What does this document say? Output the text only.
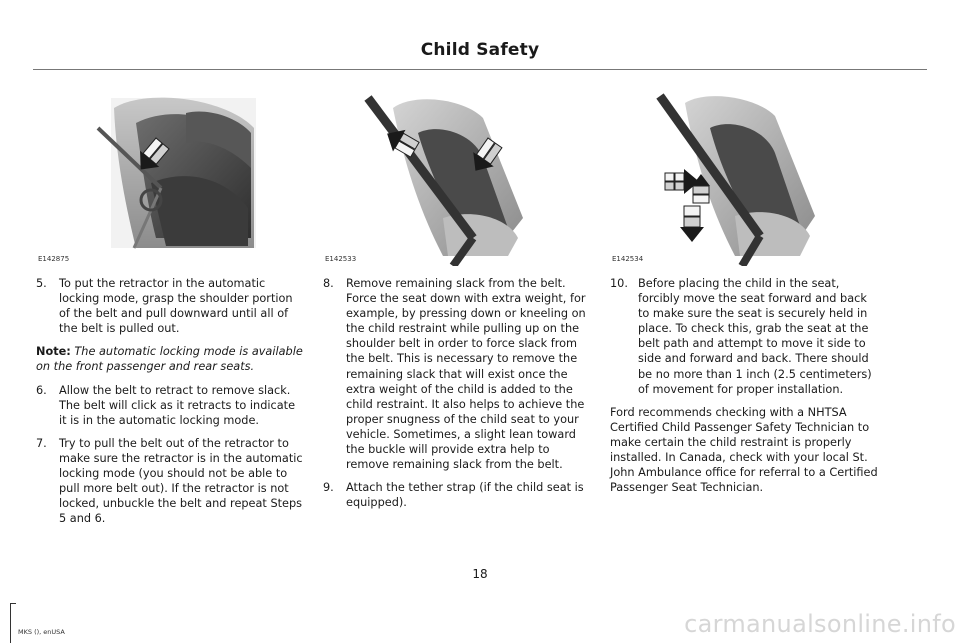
Child Safety
E142875
5. To put the retractor in the automatic locking mode, grasp the shoulder portion of the belt and pull downward until all of the belt is pulled out.

Note: The automatic locking mode is available on the front passenger and rear seats.

6. Allow the belt to retract to remove slack. The belt will click as it retracts to indicate it is in the automatic locking mode.
7. Try to pull the belt out of the retractor to make sure the retractor is in the automatic locking mode (you should not be able to pull more belt out). If the retractor is not locked, unbuckle the belt and repeat Steps 5 and 6.
E142533
8. Remove remaining slack from the belt. Force the seat down with extra weight, for example, by pressing down or kneeling on the child restraint while pulling up on the shoulder belt in order to force slack from the belt. This is necessary to remove the remaining slack that will exist once the extra weight of the child is added to the child restraint. It also helps to achieve the proper snugness of the child seat to your vehicle. Sometimes, a slight lean toward the buckle will provide extra help to remove remaining slack from the belt.
9. Attach the tether strap (if the child seat is equipped).
E142534
10. Before placing the child in the seat, forcibly move the seat forward and back to make sure the seat is securely held in place. To check this, grab the seat at the belt path and attempt to move it side to side and forward and back. There should be no more than 1 inch (2.5 centimeters) of movement for proper installation.

Ford recommends checking with a NHTSA Certified Child Passenger Safety Technician to make certain the child restraint is properly installed. In Canada, check with your local St. John Ambulance office for referral to a Certified Passenger Seat Technician.

18
MKS (), enUSA	carmanualsonline.info
